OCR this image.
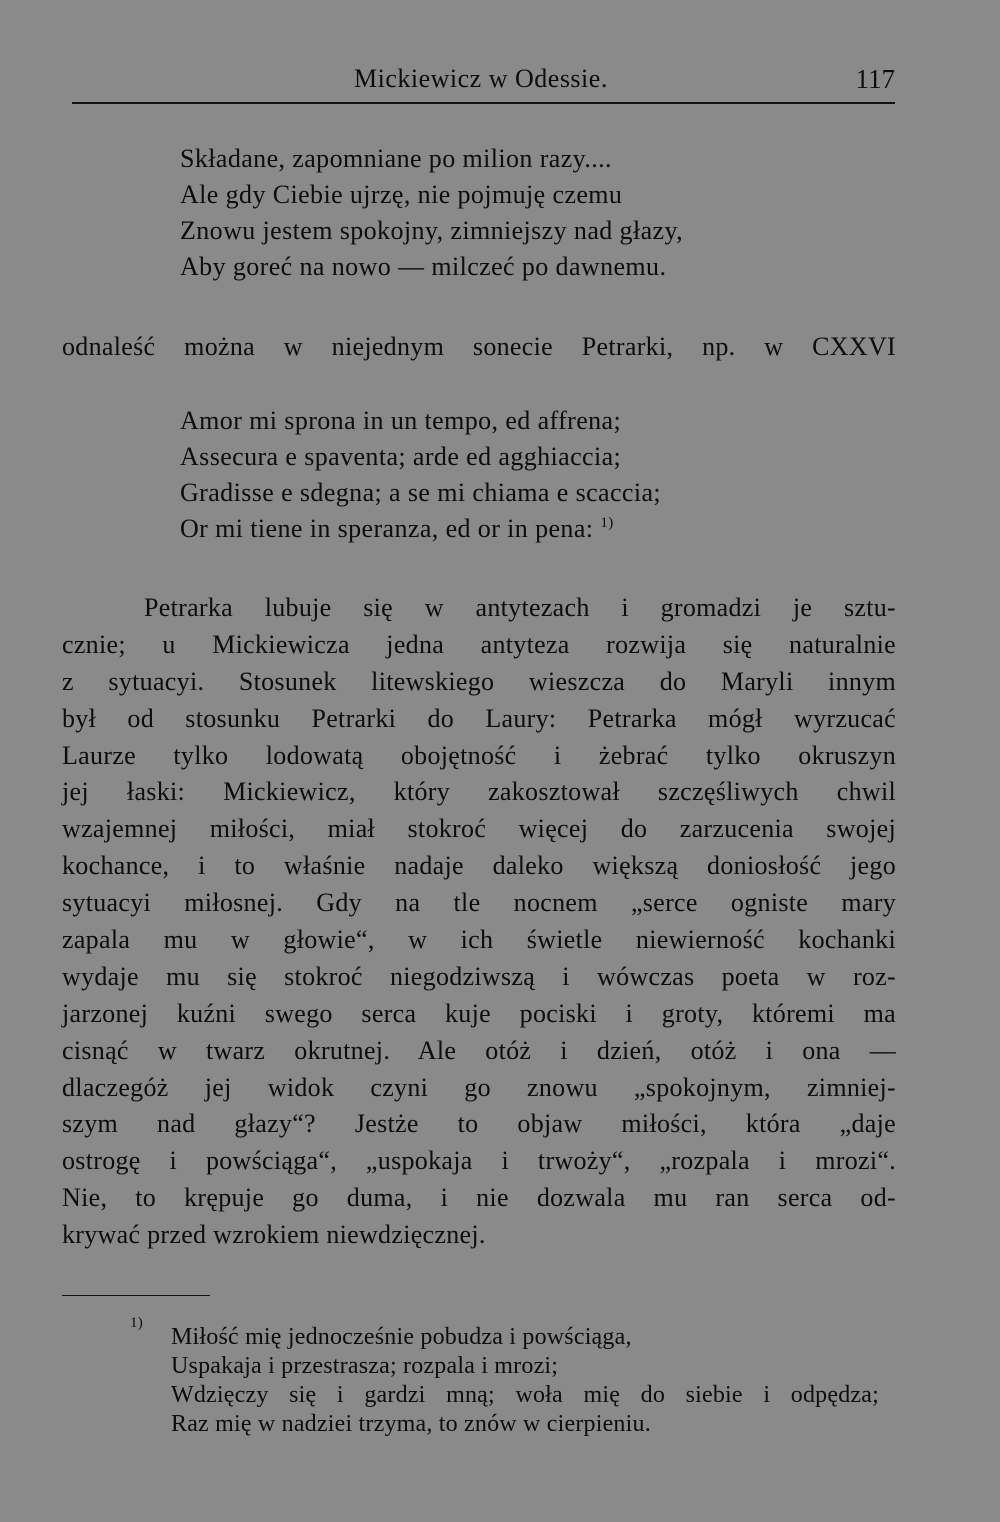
Mickiewicz w Odessie.	117
Składane, zapomniane po milion razy....
Ale gdy Ciebie ujrzę, nie pojmuję czemu
Znowu jestem spokojny, zimniejszy nad głazy,
Aby goreć na nowo — milczeć po dawnemu.
odnaleść można w niejednym sonecie Petrarki, np. w CXXVI
Amor mi sprona in un tempo, ed affrena;
Assecura e spaventa; arde ed agghiaccia;
Gradisse e sdegna; a se mi chiama e scaccia;
Or mi tiene in speranza, ed or in pena: $^{1)}$
Petrarka lubuje się w antytezach i gromadzi je sztu-
cznie; u Mickiewicza jedna antyteza rozwija się naturalnie
z sytuacyi. Stosunek litewskiego wieszcza do Maryli innym
był od stosunku Petrarki do Laury: Petrarka mógł wyrzucać
Laurze tylko lodowatą obojętność i żebrać tylko okruszyn
jej łaski: Mickiewicz, który zakosztował szczęśliwych chwil
wzajemnej miłości, miał stokroć więcej do zarzucenia swojej
kochance, i to właśnie nadaje daleko większą doniosłość jego
sytuacyi miłosnej. Gdy na tle nocnem „serce ogniste mary
zapala mu w głowie“, w ich świetle niewierność kochanki
wydaje mu się stokroć niegodziwszą i wówczas poeta w roz-
jarzonej kuźni swego serca kuje pociski i groty, któremi ma
cisnąć w twarz okrutnej. Ale otóż i dzień, otóż i ona —
dlaczegóż jej widok czyni go znowu „spokojnym, zimniej-
szym nad głazy“? Jestże to objaw miłości, która „daje
ostrogę i powściąga“, „uspokaja i trwoży“, „rozpala i mrozi“.
Nie, to krępuje go duma, i nie dozwala mu ran serca od-
krywać przed wzrokiem niewdzięcznej.
1)
Miłość mię jednocześnie pobudza i powściąga,
Uspakaja i przestrasza; rozpala i mrozi;
Wdzięczy się i gardzi mną; woła mię do siebie i odpędza;
Raz mię w nadziei trzyma, to znów w cierpieniu.
